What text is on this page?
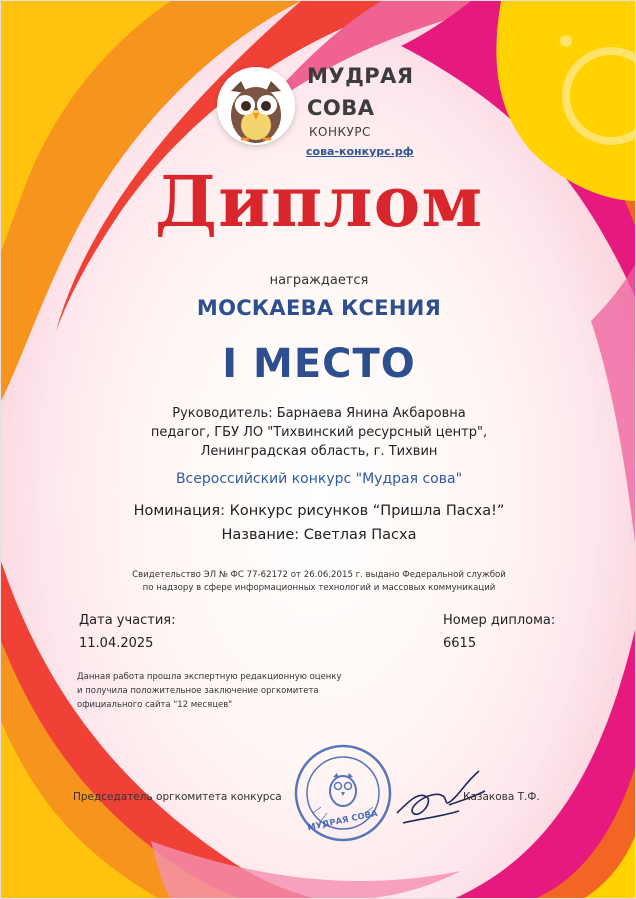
МУДРАЯ
СОВА
КОНКУРС
сова-конкурс.рф
Диплом
награждается
МОСКАЕВА КСЕНИЯ
I МЕСТО
Руководитель: Барнаева Янина Акбаровна
педагог, ГБУ ЛО "Тихвинский ресурсный центр",
Ленинградская область, г. Тихвин
Всероссийский конкурс "Мудрая сова"
Номинация: Конкурс рисунков “Пришла Пасха!”
Название: Светлая Пасха
Свидетельство ЭЛ № ФС 77-62172 от 26.06.2015 г. выдано Федеральной службой
по надзору в сфере информационных технологий и массовых коммуникаций
Дата участия:
11.04.2025
Номер диплома:
6615
Данная работа прошла экспертную редакционную оценку
и получила положительное заключение оргкомитета
официального сайта "12 месяцев"
Председатель оргкомитета конкурса
МУДРАЯ СОВА
Казакова Т.Ф.
